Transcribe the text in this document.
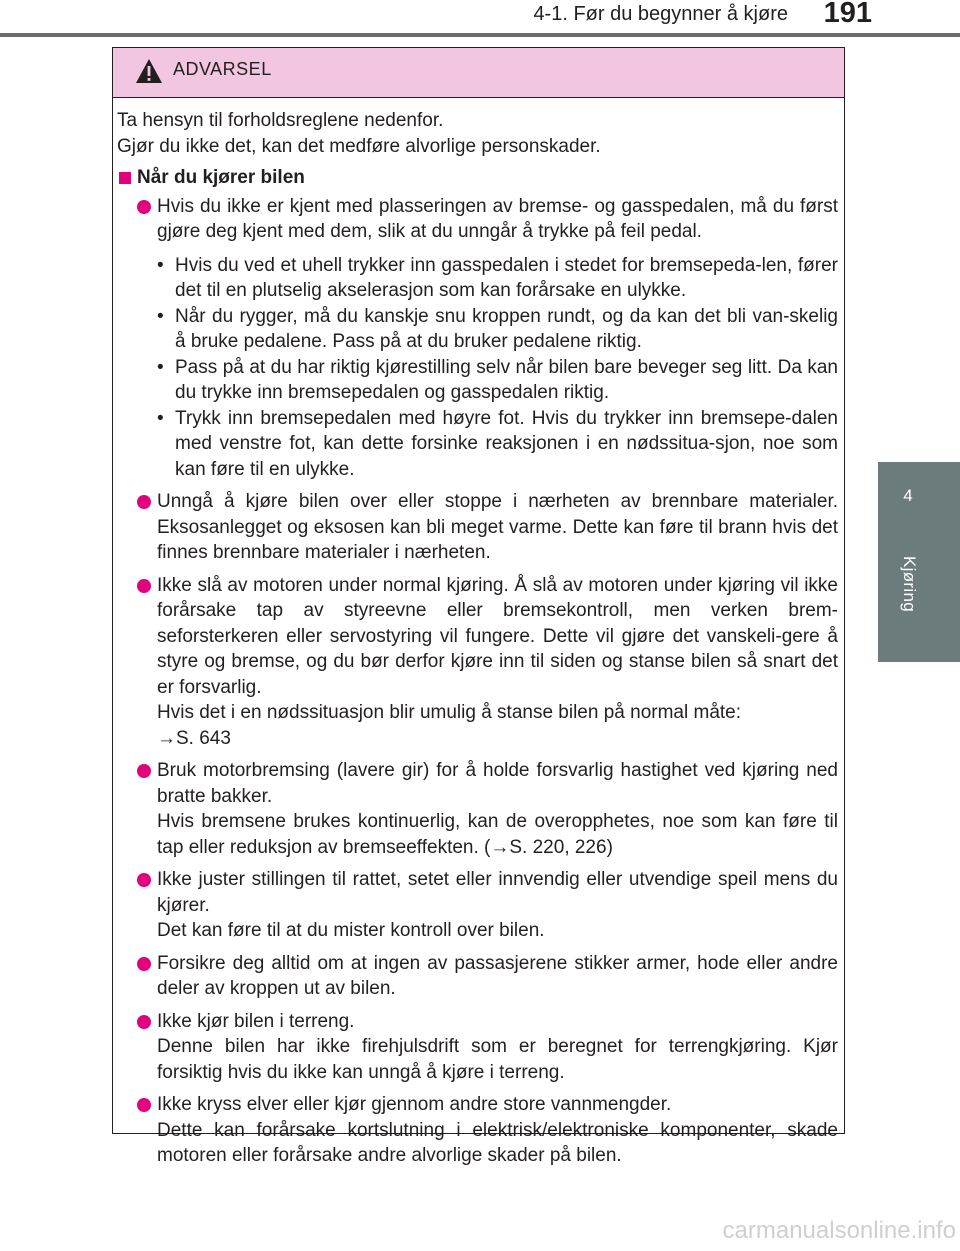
4-1. Før du begynner å kjøre 191
4
Kjøring
ADVARSEL

Ta hensyn til forholdsreglene nedenfor.
Gjør du ikke det, kan det medføre alvorlige personskader.

Når du kjører bilen
Hvis du ikke er kjent med plasseringen av bremse- og gasspedalen, må du først gjøre deg kjent med dem, slik at du unngår å trykke på feil pedal.
• Hvis du ved et uhell trykker inn gasspedalen i stedet for bremsepeda-len, fører det til en plutselig akselerasjon som kan forårsake en ulykke.
• Når du rygger, må du kanskje snu kroppen rundt, og da kan det bli van-skelig å bruke pedalene. Pass på at du bruker pedalene riktig.
• Pass på at du har riktig kjørestilling selv når bilen bare beveger seg litt. Da kan du trykke inn bremsepedalen og gasspedalen riktig.
• Trykk inn bremsepedalen med høyre fot. Hvis du trykker inn bremsepe-dalen med venstre fot, kan dette forsinke reaksjonen i en nødssitua-sjon, noe som kan føre til en ulykke.
Unngå å kjøre bilen over eller stoppe i nærheten av brennbare materialer. Eksosanlegget og eksosen kan bli meget varme. Dette kan føre til brann hvis det finnes brennbare materialer i nærheten.
Ikke slå av motoren under normal kjøring. Å slå av motoren under kjøring vil ikke forårsake tap av styreevne eller bremsekontroll, men verken brem-seforsterkeren eller servostyring vil fungere. Dette vil gjøre det vanskeli-gere å styre og bremse, og du bør derfor kjøre inn til siden og stanse bilen så snart det er forsvarlig.
Hvis det i en nødssituasjon blir umulig å stanse bilen på normal måte:
→S. 643
Bruk motorbremsing (lavere gir) for å holde forsvarlig hastighet ved kjøring ned bratte bakker.
Hvis bremsene brukes kontinuerlig, kan de overopphetes, noe som kan føre til tap eller reduksjon av bremseeffekten. (→S. 220, 226)
Ikke juster stillingen til rattet, setet eller innvendig eller utvendige speil mens du kjører.
Det kan føre til at du mister kontroll over bilen.
Forsikre deg alltid om at ingen av passasjerene stikker armer, hode eller andre deler av kroppen ut av bilen.
Ikke kjør bilen i terreng.
Denne bilen har ikke firehjulsdrift som er beregnet for terrengkjøring. Kjør forsiktig hvis du ikke kan unngå å kjøre i terreng.
Ikke kryss elver eller kjør gjennom andre store vannmengder.
Dette kan forårsake kortslutning i elektrisk/elektroniske komponenter, skade motoren eller forårsake andre alvorlige skader på bilen.
carmanualsonline.info
